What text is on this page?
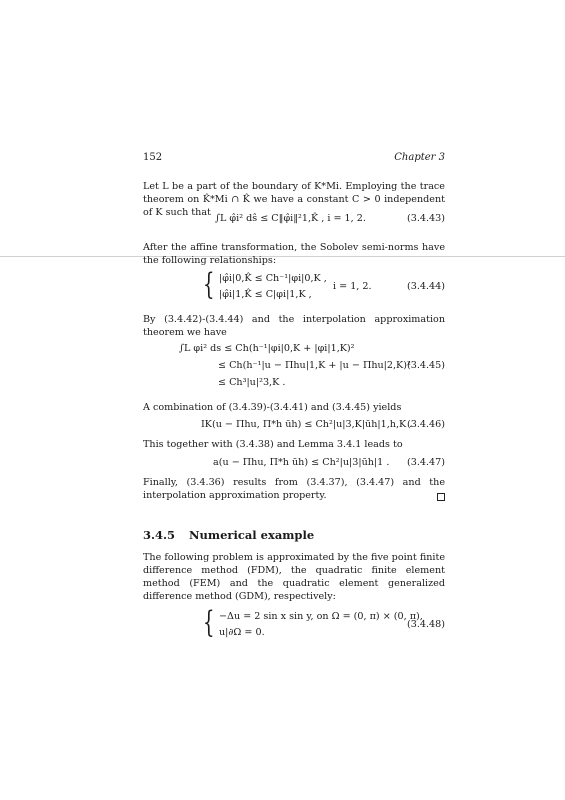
152	Chapter 3
Let L be a part of the boundary of K*Mi. Employing the trace theorem on K̂*Mi ∩ K̂ we have a constant C > 0 independent of K such that
∫L φ̂i² dŝ ≤ C‖φ̂i‖²1,K̂ , i = 1, 2.	(3.4.43)
After the affine transformation, the Sobolev semi-norms have the following relationships:
{ |φ̂i|0,K̂ ≤ Ch⁻¹|φi|0,K ,
|φ̂i|1,K̂ ≤ C|φi|1,K ,
i = 1, 2.	(3.4.44)
By (3.4.42)-(3.4.44) and the interpolation approximation theorem we have
∫L φi² ds ≤ Ch(h⁻¹|φi|0,K + |φi|1,K)²
≤ Ch(h⁻¹|u − Πhu|1,K + |u − Πhu|2,K)²
≤ Ch³|u|²3,K .
(3.4.45)
A combination of (3.4.39)-(3.4.41) and (3.4.45) yields
IK(u − Πhu, Π*h ūh) ≤ Ch²|u|3,K|ūh|1,h,K .
(3.4.46)
This together with (3.4.38) and Lemma 3.4.1 leads to
a(u − Πhu, Π*h ūh) ≤ Ch²|u|3|ūh|1 . (3.4.47)
Finally, (3.4.36) results from (3.4.37), (3.4.47) and the interpolation approximation property.
3.4.5 Numerical example
The following problem is approximated by the five point finite difference method (FDM), the quadratic finite element method (FEM) and the quadratic element generalized difference method (GDM), respectively:
{ −Δu = 2 sin x sin y, on Ω = (0, π) × (0, π),
u|∂Ω = 0.
(3.4.48)
